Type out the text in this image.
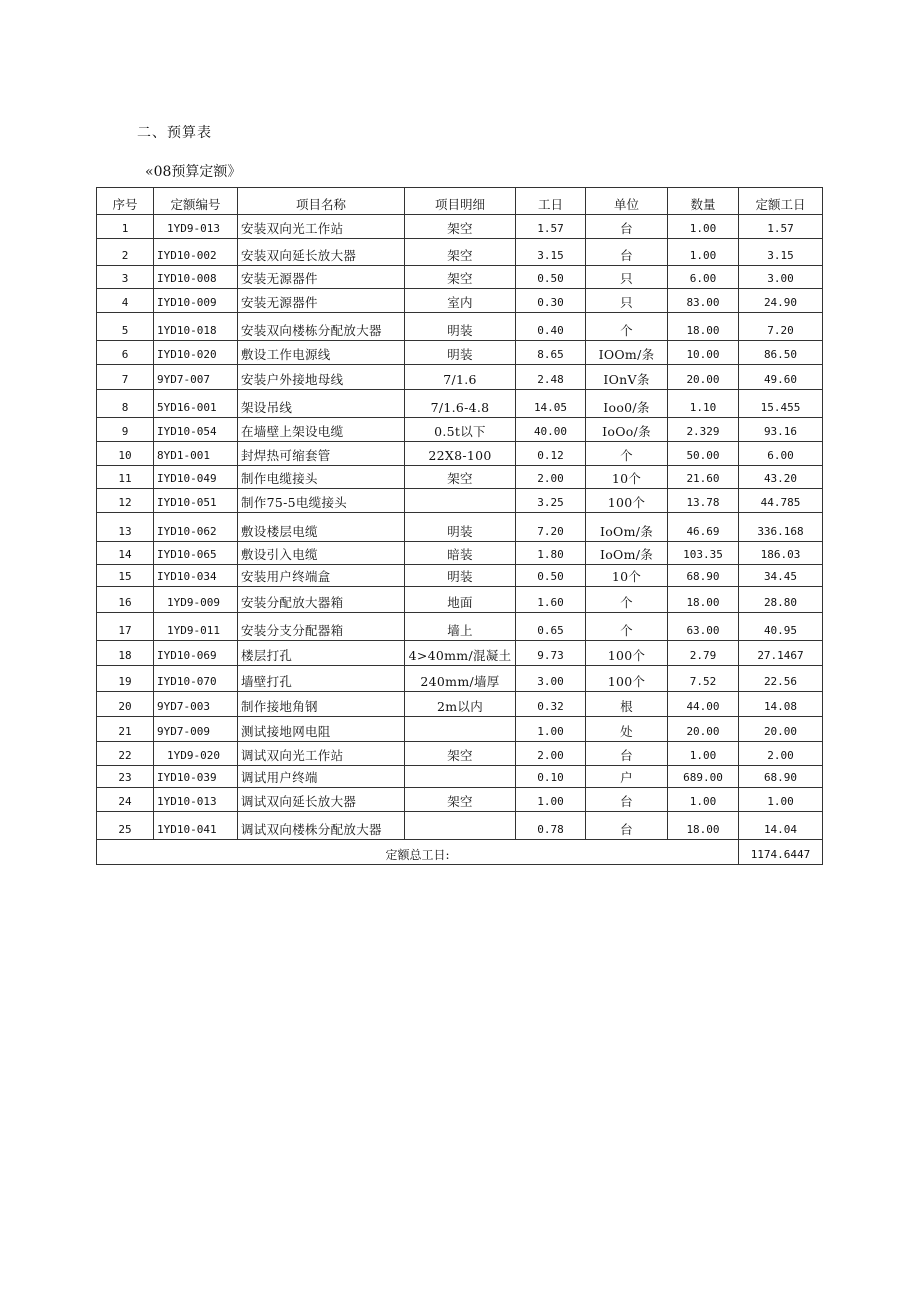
二、预算表
«08预算定额》
序号	定额编号	项目名称	项目明细	工日	单位	数量	定额工日
1	1YD9-013	安装双向光工作站	架空	1.57	台	1.00	1.57
2	IYD10-002	安装双向延长放大器	架空	3.15	台	1.00	3.15
3	IYD10-008	安装无源器件	架空	0.50	只	6.00	3.00
4	IYD10-009	安装无源器件	室内	0.30	只	83.00	24.90
5	1YD10-018	安装双向楼栋分配放大器	明装	0.40	个	18.00	7.20
6	IYD10-020	敷设工作电源线	明装	8.65	IOOm/条	10.00	86.50
7	9YD7-007	安装户外接地母线	7/1.6	2.48	IOnV条	20.00	49.60
8	5YD16-001	架设吊线	7/1.6-4.8	14.05	Ioo0/条	1.10	15.455
9	IYD10-054	在墙壁上架设电缆	0.5t以下	40.00	IoOo/条	2.329	93.16
10	8YD1-001	封焊热可缩套管	22X8-100	0.12	个	50.00	6.00
11	IYD10-049	制作电缆接头	架空	2.00	10个	21.60	43.20
12	IYD10-051	制作75-5电缆接头		3.25	100个	13.78	44.785
13	IYD10-062	敷设楼层电缆	明装	7.20	IoOm/条	46.69	336.168
14	IYD10-065	敷设引入电缆	暗装	1.80	IoOm/条	103.35	186.03
15	IYD10-034	安装用户终端盒	明装	0.50	10个	68.90	34.45
16	1YD9-009	安装分配放大器箱	地面	1.60	个	18.00	28.80
17	1YD9-011	安装分支分配器箱	墙上	0.65	个	63.00	40.95
18	IYD10-069	楼层打孔	4>40mm/混凝土	9.73	100个	2.79	27.1467
19	IYD10-070	墙壁打孔	240mm/墙厚	3.00	100个	7.52	22.56
20	9YD7-003	制作接地角钢	2m以内	0.32	根	44.00	14.08
21	9YD7-009	测试接地网电阻		1.00	处	20.00	20.00
22	1YD9-020	调试双向光工作站	架空	2.00	台	1.00	2.00
23	IYD10-039	调试用户终端		0.10	户	689.00	68.90
24	1YD10-013	调试双向延长放大器	架空	1.00	台	1.00	1.00
25	1YD10-041	调试双向楼株分配放大器		0.78	台	18.00	14.04
定额总工日:							1174.6447
